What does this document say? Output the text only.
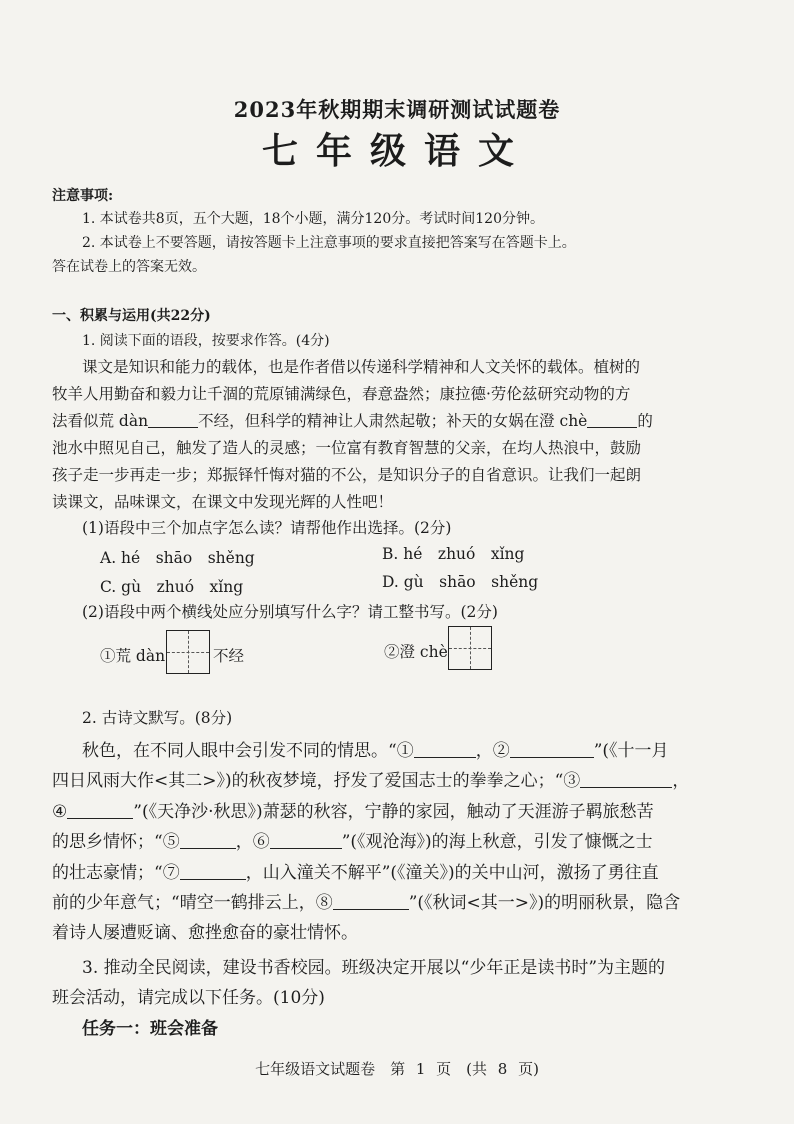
2023年秋期期末调研测试试题卷
七年级语文
注意事项:
1. 本试卷共8页，五个大题，18个小题，满分120分。考试时间120分钟。
2. 本试卷上不要答题，请按答题卡上注意事项的要求直接把答案写在答题卡上。
答在试卷上的答案无效。
一、积累与运用(共22分)
1. 阅读下面的语段，按要求作答。(4分)
课文是知识和能力的载体，也是作者借以传递科学精神和人文关怀的载体。植树的
牧羊人用勤奋和毅力让千涸的荒原铺满绿色，春意盎然；康拉德·劳伦兹研究动物的方
法看似荒 dàn	不经，但科学的精神让人肃然起敬；补天的女娲在澄 chè	的
池水中照见自己，触发了造人的灵感；一位富有教育智慧的父亲，在均人热浪中，鼓励
孩子走一步再走一步；郑振铎忏悔对猫的不公，是知识分子的自省意识。让我们一起朗
读课文，品味课文，在课文中发现光辉的人性吧！
(1)语段中三个加点字怎么读？请帮他作出选择。(2分)
A. hé　shāo　shěng	B. hé　zhuó　xǐng
C. gù　zhuó　xǐng	D. gù　shāo　shěng
(2)语段中两个横线处应分别填写什么字？请工整书写。(2分)
①荒 dàn	不经	②澄 chè
2. 古诗文默写。(8分)
秋色，在不同人眼中会引发不同的情思。“①	，②	”(《十一月
四日风雨大作<其二>》)的秋夜梦境，抒发了爱国志士的拳拳之心；“③	，
④	”(《天净沙·秋思》)萧瑟的秋容，宁静的家园，触动了天涯游子羁旅愁苦
的思乡情怀；“⑤	，⑥	”(《观沧海》)的海上秋意，引发了慷慨之士
的壮志豪情；“⑦	，山入潼关不解平”(《潼关》)的关中山河，激扬了勇往直
前的少年意气；“晴空一鹤排云上，⑧	”(《秋词<其一>》)的明丽秋景，隐含
着诗人屡遭贬谪、愈挫愈奋的豪壮情怀。
3. 推动全民阅读，建设书香校园。班级决定开展以“少年正是读书时”为主题的
班会活动，请完成以下任务。(10分)
任务一：班会准备
七年级语文试题卷　第 1 页　(共 8 页)
